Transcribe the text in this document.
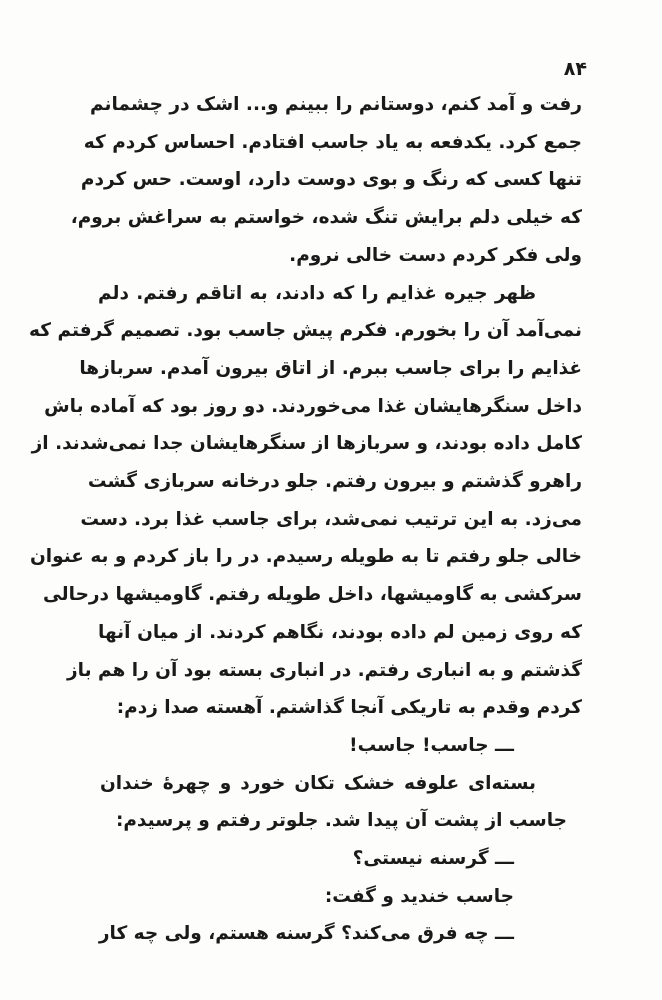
۸۴
رفت و آمد کنم، دوستانم را ببینم و... اشک در چشمانم
جمع کرد. یکدفعه به یاد جاسب افتادم. احساس کردم که
تنها کسی که رنگ و بوی دوست دارد، اوست. حس کردم
که خیلی دلم برایش تنگ شده، خواستم به سراغش بروم،
ولی فکر کردم دست خالی نروم.
ظهر جیره غذایم را که دادند، به اتاقم رفتم. دلم
نمی‌آمد آن را بخورم. فکرم پیش جاسب بود. تصمیم گرفتم که
غذایم را برای جاسب ببرم. از اتاق بیرون آمدم. سربازها
داخل سنگرهایشان غذا می‌خوردند. دو روز بود که آماده باش
کامل داده بودند، و سربازها از سنگرهایشان جدا نمی‌شدند. از
راهرو گذشتم و بیرون رفتم. جلو درخانه سربازی گشت
می‌زد. به این ترتیب نمی‌شد، برای جاسب غذا برد. دست
خالی جلو رفتم تا به طویله رسیدم. در را باز کردم و به عنوان
سرکشی به گاومیشها، داخل طویله رفتم. گاومیشها درحالی
که روی زمین لم داده بودند، نگاهم کردند. از میان آنها
گذشتم و به انباری رفتم. در انباری بسته بود آن را هم باز
کردم وقدم به تاریکی آنجا گذاشتم. آهسته صدا زدم:
ـــ جاسب! جاسب!
بسته‌ای علوفه خشک تکان خورد و چهرهٔ خندان
جاسب از پشت آن پیدا شد. جلوتر رفتم و پرسیدم:
ـــ گرسنه نیستی؟
جاسب خندید و گفت:
ـــ چه فرق می‌کند؟ گرسنه هستم، ولی چه کار
